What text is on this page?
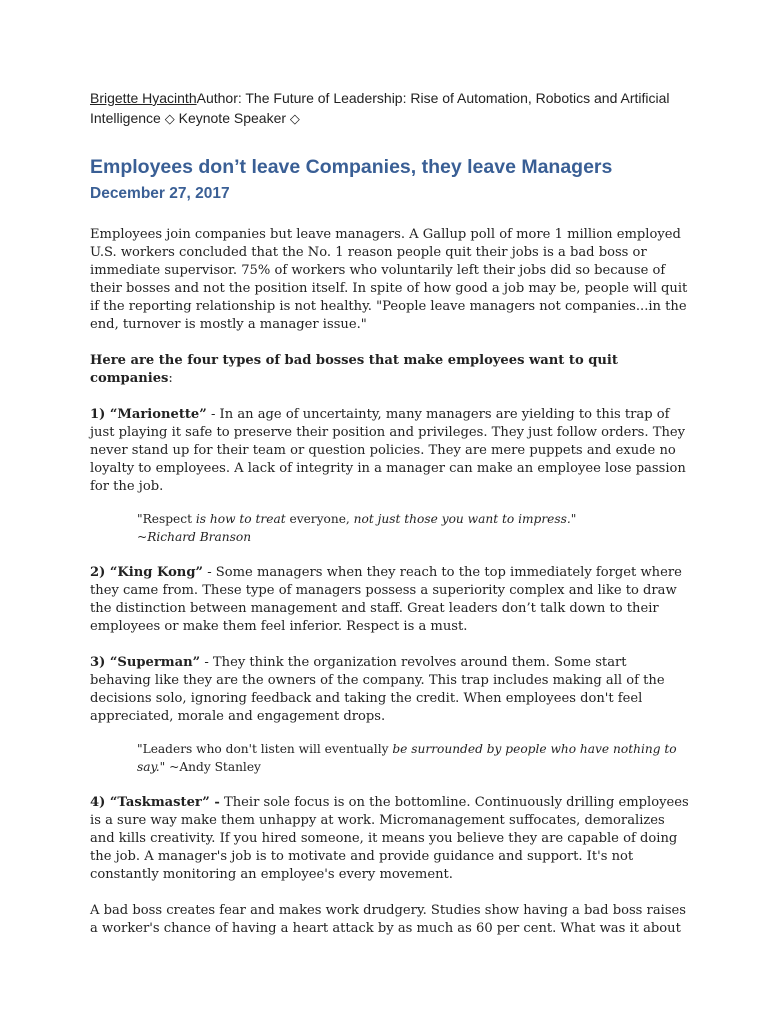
Brigette HyacinthAuthor: The Future of Leadership: Rise of Automation, Robotics and Artificial Intelligence ◇ Keynote Speaker ◇
Employees don’t leave Companies, they leave Managers
December 27, 2017

Employees join companies but leave managers. A Gallup poll of more 1 million employed U.S. workers concluded that the No. 1 reason people quit their jobs is a bad boss or immediate supervisor. 75% of workers who voluntarily left their jobs did so because of their bosses and not the position itself. In spite of how good a job may be, people will quit if the reporting relationship is not healthy. "People leave managers not companies...in the end, turnover is mostly a manager issue."

Here are the four types of bad bosses that make employees want to quit companies:

1) “Marionette” - In an age of uncertainty, many managers are yielding to this trap of just playing it safe to preserve their position and privileges. They just follow orders. They never stand up for their team or question policies. They are mere puppets and exude no loyalty to employees. A lack of integrity in a manager can make an employee lose passion for the job.

"Respect is how to treat everyone, not just those you want to impress."
~Richard Branson

2) “King Kong” - Some managers when they reach to the top immediately forget where they came from. These type of managers possess a superiority complex and like to draw the distinction between management and staff. Great leaders don’t talk down to their employees or make them feel inferior. Respect is a must.

3) “Superman” - They think the organization revolves around them. Some start behaving like they are the owners of the company. This trap includes making all of the decisions solo, ignoring feedback and taking the credit. When employees don't feel appreciated, morale and engagement drops.

"Leaders who don't listen will eventually be surrounded by people who have nothing to say." ~Andy Stanley

4) “Taskmaster” - Their sole focus is on the bottomline. Continuously drilling employees is a sure way make them unhappy at work. Micromanagement suffocates, demoralizes and kills creativity. If you hired someone, it means you believe they are capable of doing the job. A manager's job is to motivate and provide guidance and support. It's not constantly monitoring an employee's every movement.

A bad boss creates fear and makes work drudgery. Studies show having a bad boss raises a worker's chance of having a heart attack by as much as 60 per cent. What was it about
